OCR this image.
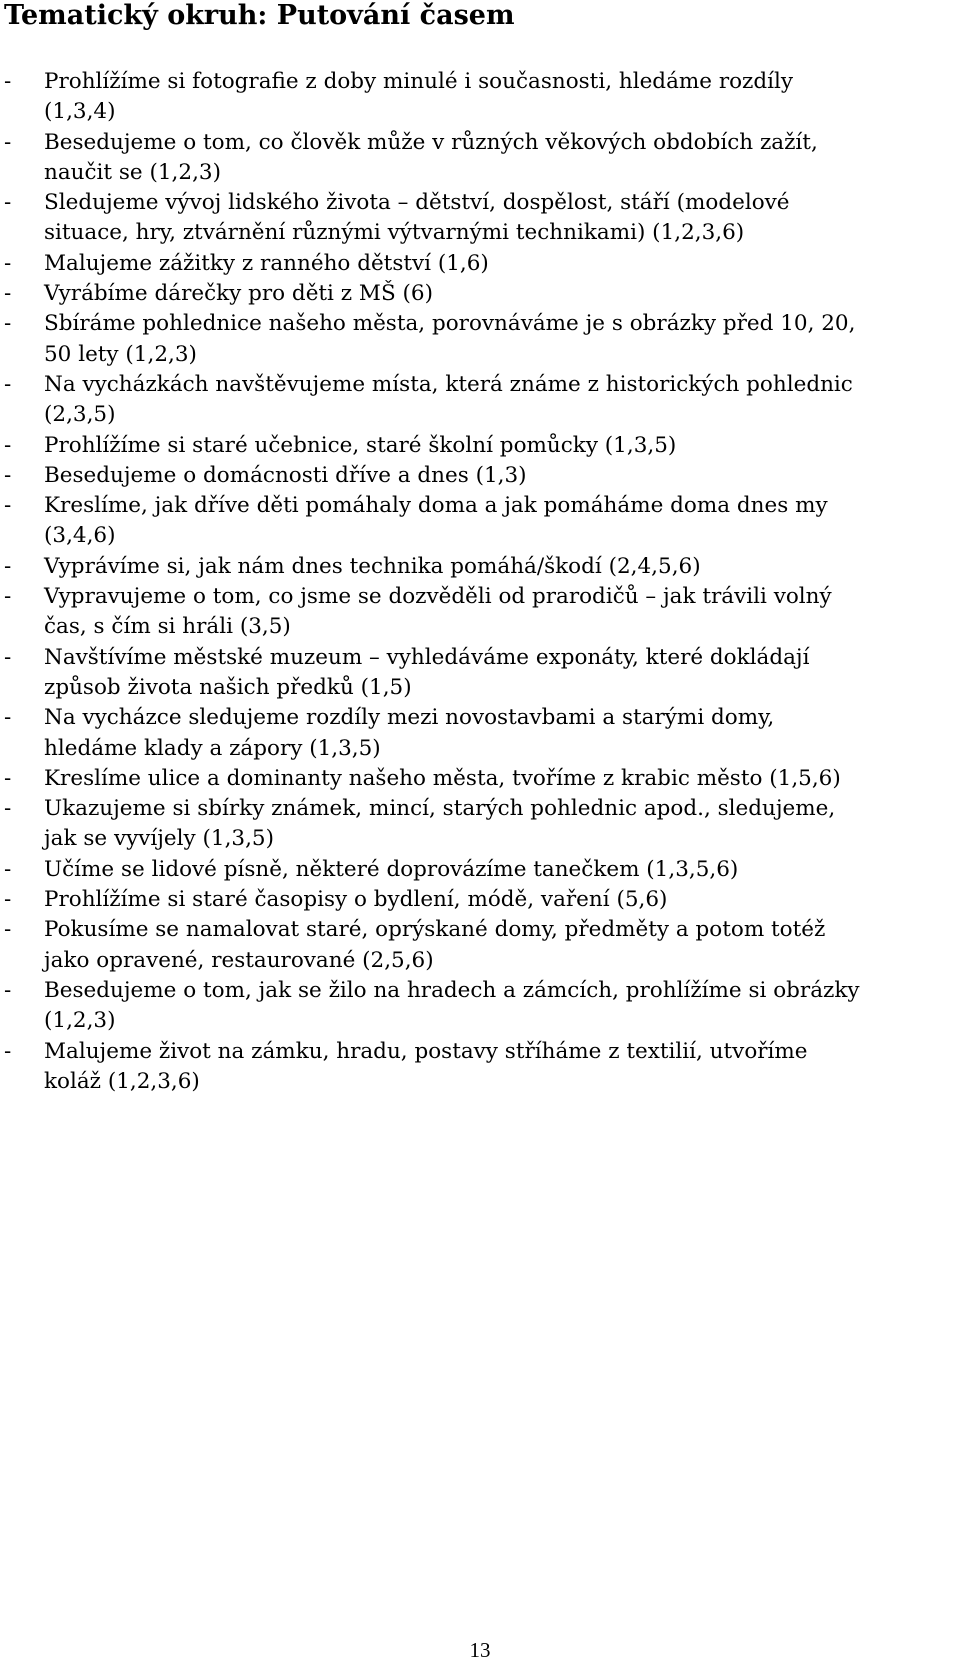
Tematický okruh: Putování časem
- Prohlížíme si fotografie z doby minulé i současnosti, hledáme rozdíly
(1,3,4)
- Besedujeme o tom, co člověk může v různých věkových obdobích zažít,
naučit se (1,2,3)
- Sledujeme vývoj lidského života – dětství, dospělost, stáří (modelové
situace, hry, ztvárnění různými výtvarnými technikami) (1,2,3,6)
- Malujeme zážitky z ranného dětství (1,6)
- Vyrábíme dárečky pro děti z MŠ (6)
- Sbíráme pohlednice našeho města, porovnáváme je s obrázky před 10, 20,
50 lety (1,2,3)
- Na vycházkách navštěvujeme místa, která známe z historických pohlednic
(2,3,5)
- Prohlížíme si staré učebnice, staré školní pomůcky (1,3,5)
- Besedujeme o domácnosti dříve a dnes (1,3)
- Kreslíme, jak dříve děti pomáhaly doma a jak pomáháme doma dnes my
(3,4,6)
- Vyprávíme si, jak nám dnes technika pomáhá/škodí (2,4,5,6)
- Vypravujeme o tom, co jsme se dozvěděli od prarodičů – jak trávili volný
čas, s čím si hráli (3,5)
- Navštívíme městské muzeum – vyhledáváme exponáty, které dokládají
způsob života našich předků (1,5)
- Na vycházce sledujeme rozdíly mezi novostavbami a starými domy,
hledáme klady a zápory (1,3,5)
- Kreslíme ulice a dominanty našeho města, tvoříme z krabic město (1,5,6)
- Ukazujeme si sbírky známek, mincí, starých pohlednic apod., sledujeme,
jak se vyvíjely (1,3,5)
- Učíme se lidové písně, některé doprovázíme tanečkem (1,3,5,6)
- Prohlížíme si staré časopisy o bydlení, módě, vaření (5,6)
- Pokusíme se namalovat staré, oprýskané domy, předměty a potom totéž
jako opravené, restaurované (2,5,6)
- Besedujeme o tom, jak se žilo na hradech a zámcích, prohlížíme si obrázky
(1,2,3)
- Malujeme život na zámku, hradu, postavy stříháme z textilií, utvoříme
koláž (1,2,3,6)
13
